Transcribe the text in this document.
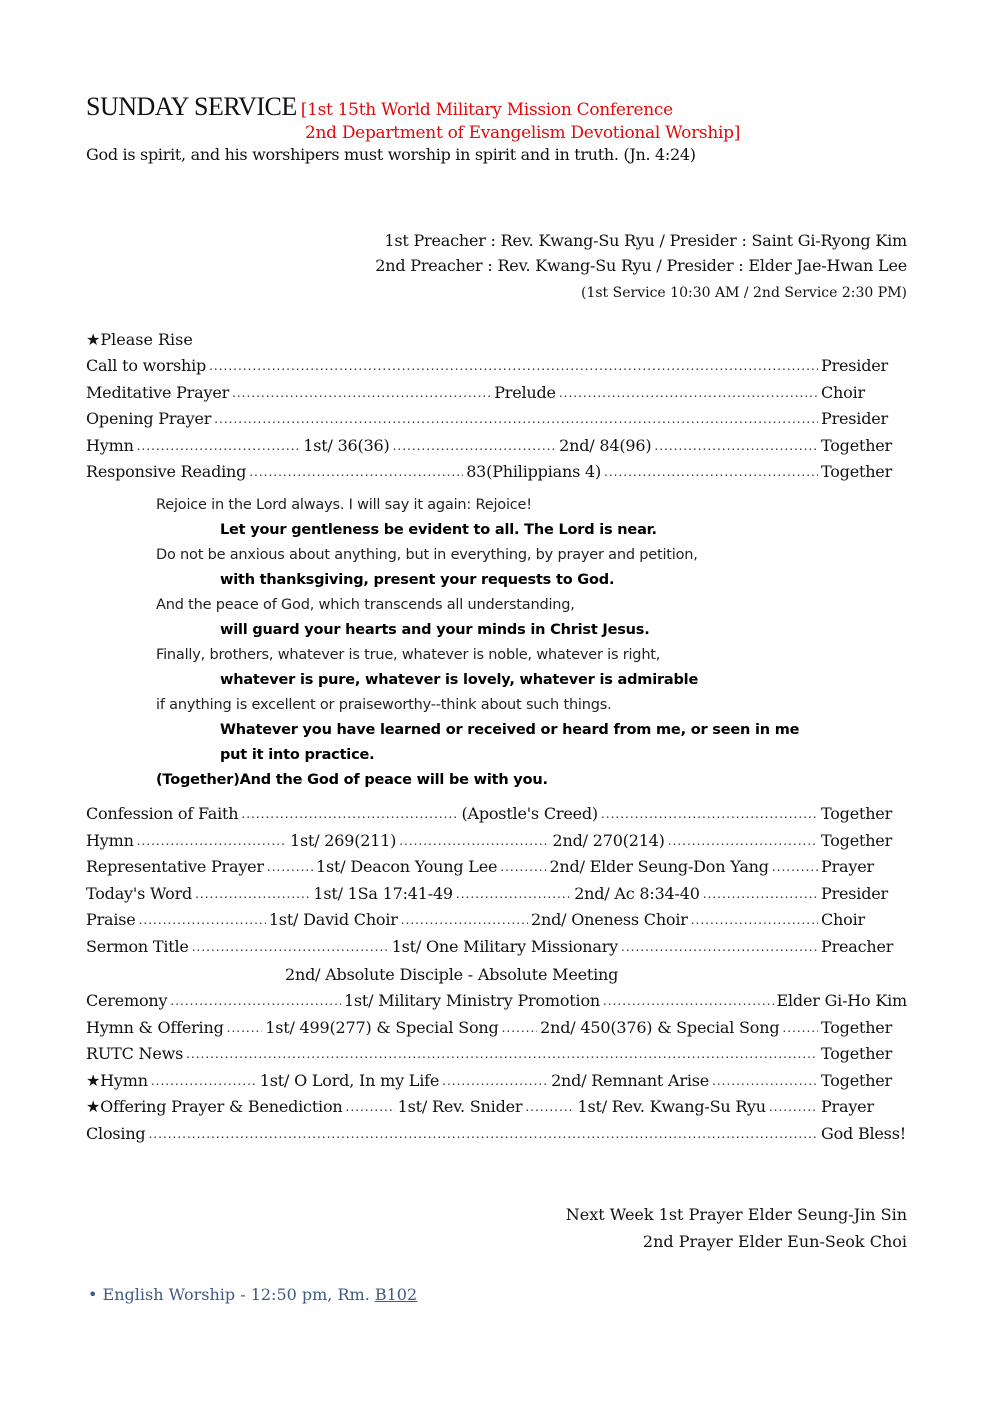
SUNDAY SERVICE [1st 15th World Military Mission Conference
2nd Department of Evangelism Devotional Worship]
God is spirit, and his worshipers must worship in spirit and in truth. (Jn. 4:24)
1st Preacher : Rev. Kwang-Su Ryu / Presider : Saint Gi-Ryong Kim
2nd Preacher : Rev. Kwang-Su Ryu / Presider : Elder Jae-Hwan Lee
(1st Service 10:30 AM / 2nd Service 2:30 PM)
★Please Rise
Call to worship .....	Presider
Meditative Prayer .....	Prelude .....	Choir
Opening Prayer .....	Presider
Hymn .....	1st/ 36(36) .....	2nd/ 84(96) .....	Together
Responsive Reading .....	83(Philippians 4) .....	Together
Rejoice in the Lord always. I will say it again: Rejoice!
Let your gentleness be evident to all. The Lord is near.
Do not be anxious about anything, but in everything, by prayer and petition,
with thanksgiving, present your requests to God.
And the peace of God, which transcends all understanding,
will guard your hearts and your minds in Christ Jesus.
Finally, brothers, whatever is true, whatever is noble, whatever is right,
whatever is pure, whatever is lovely, whatever is admirable
if anything is excellent or praiseworthy--think about such things.
Whatever you have learned or received or heard from me, or seen in me
put it into practice.
(Together)And the God of peace will be with you.
Confession of Faith .....	(Apostle's Creed) .....	Together
Hymn .....	1st/ 269(211) .....	2nd/ 270(214) .....	Together
Representative Prayer .....	1st/ Deacon Young Lee .....	2nd/ Elder Seung-Don Yang .....	Prayer
Today's Word .....	1st/ 1Sa 17:41-49 .....	2nd/ Ac 8:34-40 .....	Presider
Praise .....	1st/ David Choir .....	2nd/ Oneness Choir .....	Choir
Sermon Title .....	1st/ One Military Missionary .....	Preacher
2nd/ Absolute Disciple - Absolute Meeting
Ceremony .....	1st/ Military Ministry Promotion .....	Elder Gi-Ho Kim
Hymn & Offering .....	1st/ 499(277) & Special Song .....	2nd/ 450(376) & Special Song .....	Together
RUTC News .....	Together
★Hymn .....	1st/ O Lord, In my Life .....	2nd/ Remnant Arise .....	Together
★Offering Prayer & Benediction .....	1st/ Rev. Snider .....	1st/ Rev. Kwang-Su Ryu .....	Prayer
Closing .....	God Bless!
Next Week 1st Prayer Elder Seung-Jin Sin
2nd Prayer Elder Eun-Seok Choi
• English Worship - 12:50 pm, Rm. B102
